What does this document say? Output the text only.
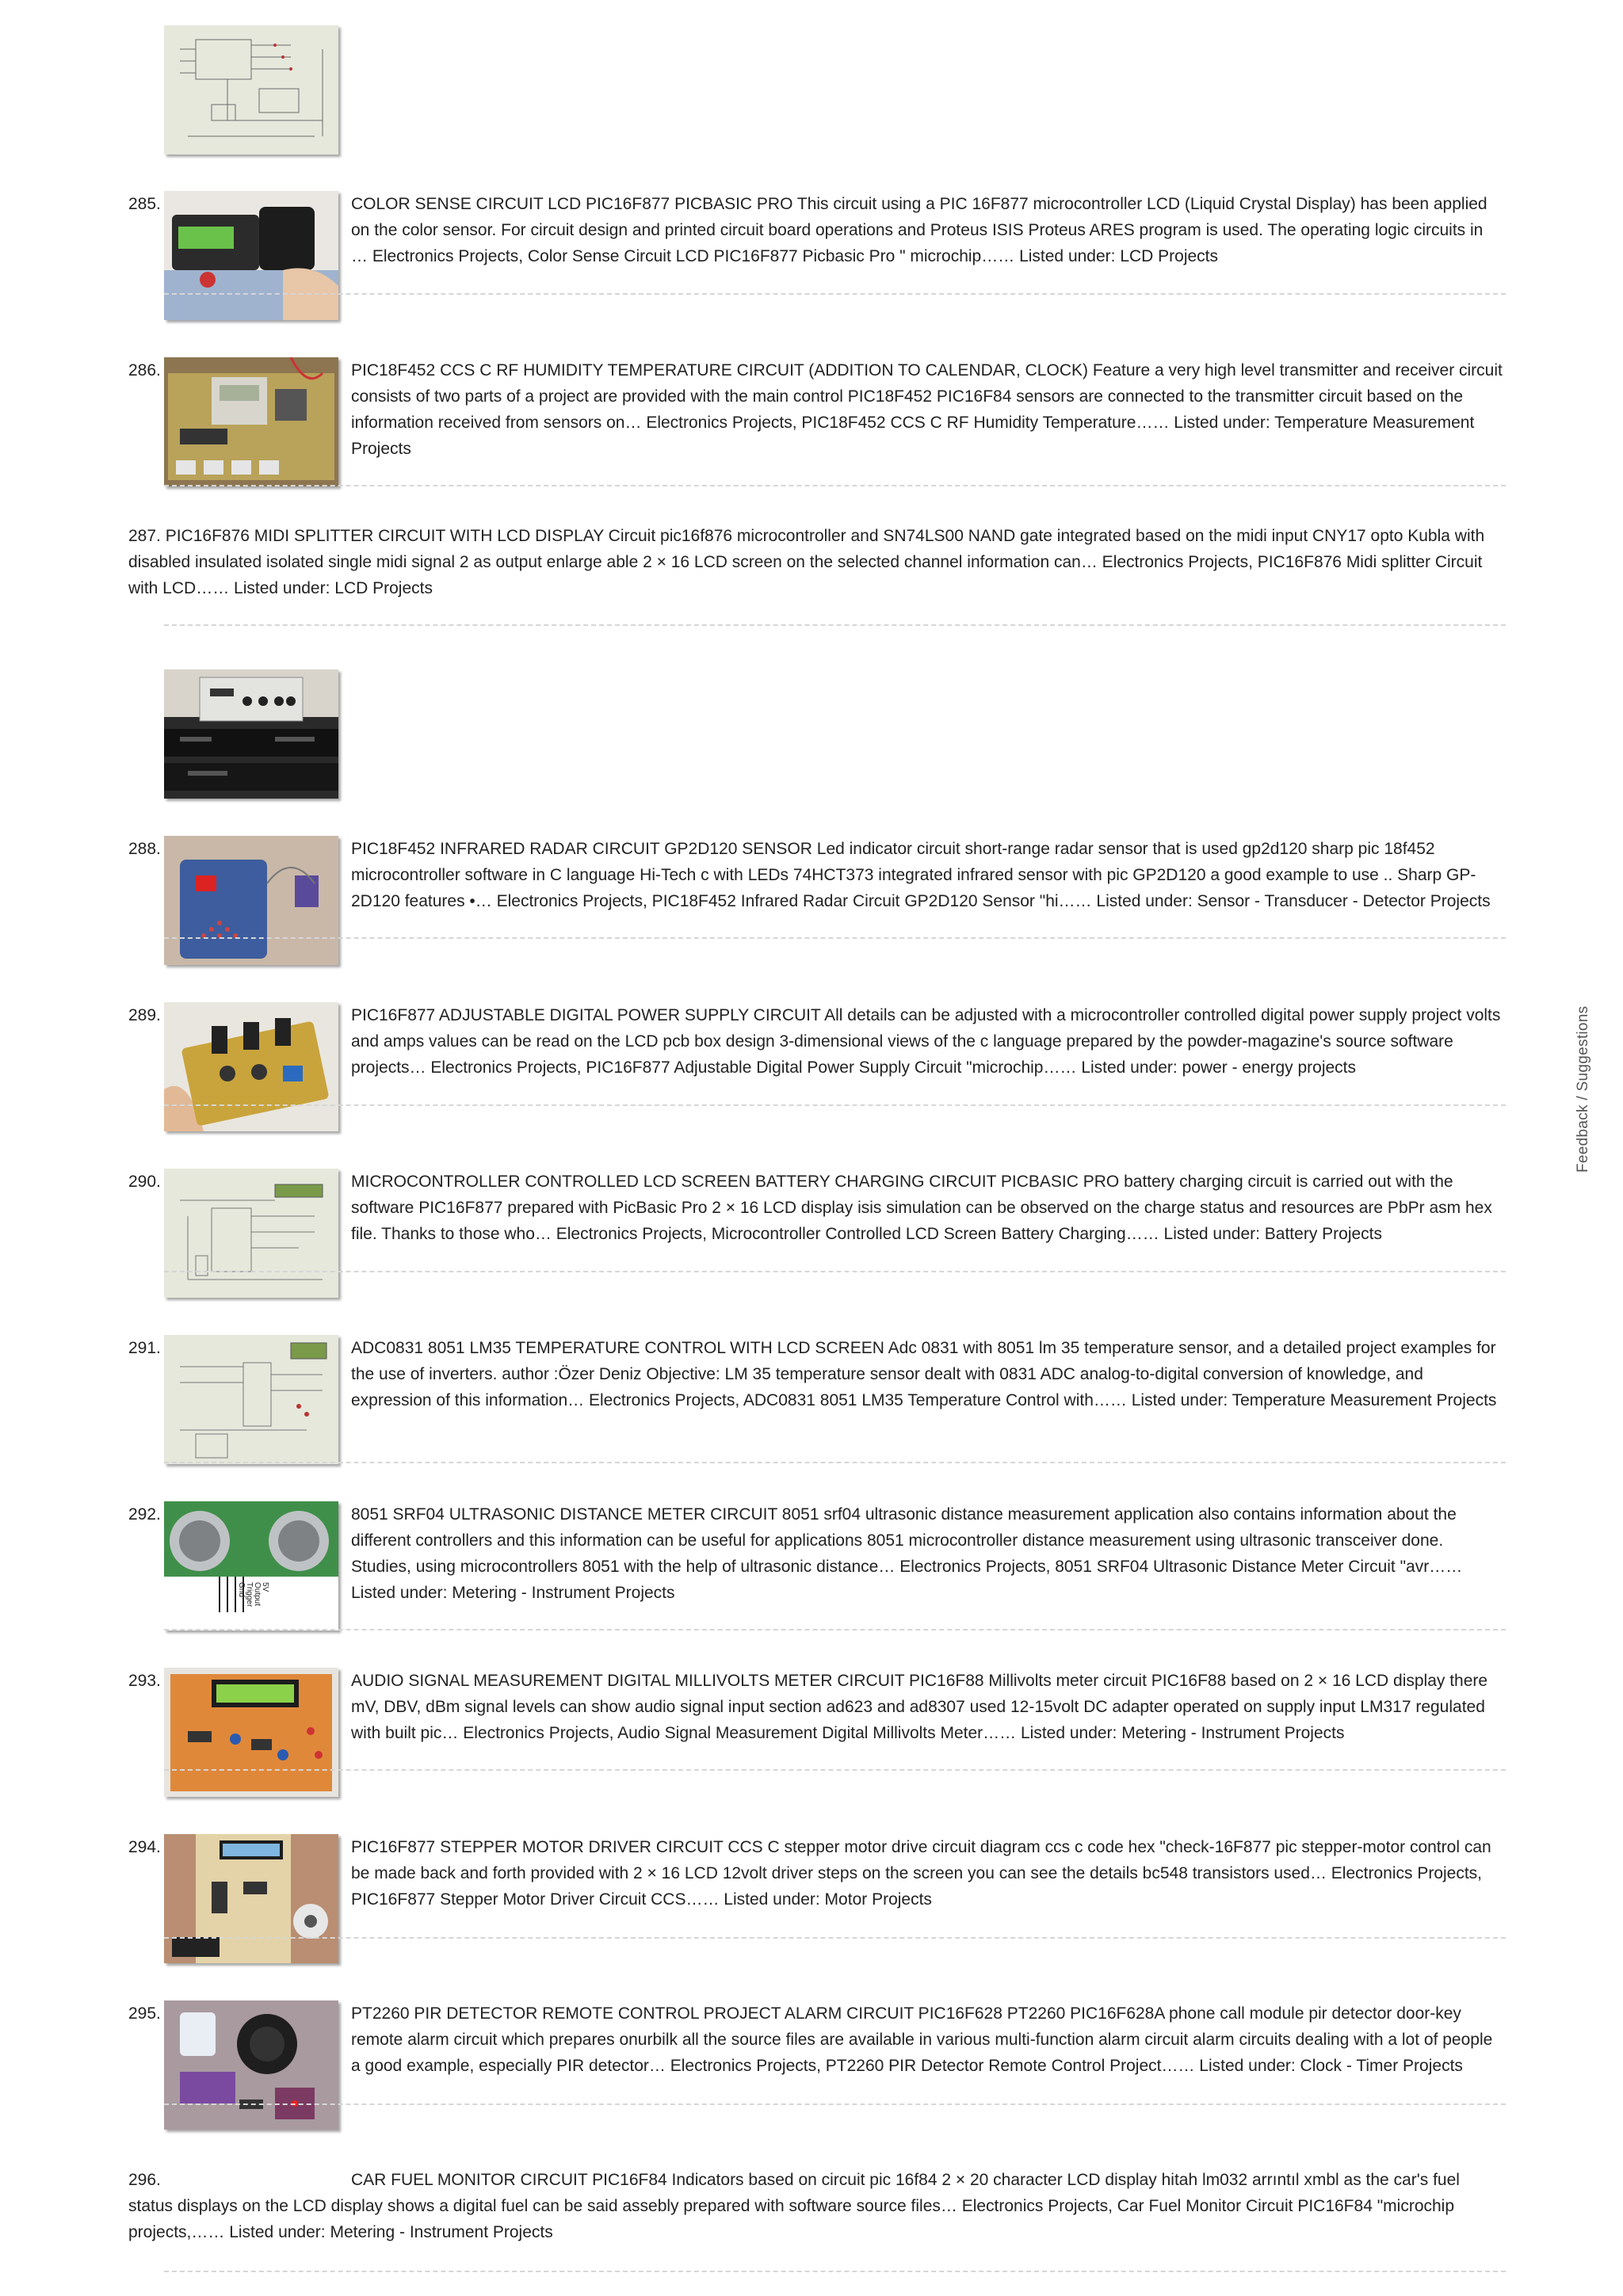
285.	COLOR SENSE CIRCUIT LCD PIC16F877 PICBASIC PRO This circuit using a PIC 16F877 microcontroller LCD (Liquid Crystal Display) has been applied on the color sensor. For circuit design and printed circuit board operations and Proteus ISIS Proteus ARES program is used. The operating logic circuits in … Electronics Projects, Color Sense Circuit LCD PIC16F877 Picbasic Pro " microchip…… Listed under: LCD Projects
286.	PIC18F452 CCS C RF HUMIDITY TEMPERATURE CIRCUIT (ADDITION TO CALENDAR, CLOCK) Feature a very high level transmitter and receiver circuit consists of two parts of a project are provided with the main control PIC18F452 PIC16F84 sensors are connected to the transmitter circuit based on the information received from sensors on… Electronics Projects, PIC18F452 CCS C RF Humidity Temperature…… Listed under: Temperature Measurement Projects
287. PIC16F876 MIDI SPLITTER CIRCUIT WITH LCD DISPLAY Circuit pic16f876 microcontroller and SN74LS00 NAND gate integrated based on the midi input CNY17 opto Kubla with disabled insulated isolated single midi signal 2 as output enlarge able 2 × 16 LCD screen on the selected channel information can… Electronics Projects, PIC16F876 Midi splitter Circuit with LCD…… Listed under: LCD Projects
288.	PIC18F452 INFRARED RADAR CIRCUIT GP2D120 SENSOR Led indicator circuit short-range radar sensor that is used gp2d120 sharp pic 18f452 microcontroller software in C language Hi-Tech c with LEDs 74HCT373 integrated infrared sensor with pic GP2D120 a good example to use .. Sharp GP-2D120 features •… Electronics Projects, PIC18F452 Infrared Radar Circuit GP2D120 Sensor "hi…… Listed under: Sensor - Transducer - Detector Projects
289.	PIC16F877 ADJUSTABLE DIGITAL POWER SUPPLY CIRCUIT All details can be adjusted with a microcontroller controlled digital power supply project volts and amps values can be read on the LCD pcb box design 3-dimensional views of the c language prepared by the powder-magazine's source software projects… Electronics Projects, PIC16F877 Adjustable Digital Power Supply Circuit "microchip…… Listed under: power - energy projects
290.	MICROCONTROLLER CONTROLLED LCD SCREEN BATTERY CHARGING CIRCUIT PICBASIC PRO battery charging circuit is carried out with the software PIC16F877 prepared with PicBasic Pro 2 × 16 LCD display isis simulation can be observed on the charge status and resources are PbPr asm hex file. Thanks to those who… Electronics Projects, Microcontroller Controlled LCD Screen Battery Charging…… Listed under: Battery Projects
291.	ADC0831 8051 LM35 TEMPERATURE CONTROL WITH LCD SCREEN Adc 0831 with 8051 lm 35 temperature sensor, and a detailed project examples for the use of inverters. author :Özer Deniz Objective: LM 35 temperature sensor dealt with 0831 ADC analog-to-digital conversion of knowledge, and expression of this information… Electronics Projects, ADC0831 8051 LM35 Temperature Control with…… Listed under: Temperature Measurement Projects
292.
5V
Output
Trigger
Gnd
8051 SRF04 ULTRASONIC DISTANCE METER CIRCUIT 8051 srf04 ultrasonic distance measurement application also contains information about the different controllers and this information can be useful for applications 8051 microcontroller distance measurement using ultrasonic transceiver done. Studies, using microcontrollers 8051 with the help of ultrasonic distance… Electronics Projects, 8051 SRF04 Ultrasonic Distance Meter Circuit "avr…… Listed under: Metering - Instrument Projects
293.	AUDIO SIGNAL MEASUREMENT DIGITAL MILLIVOLTS METER CIRCUIT PIC16F88 Millivolts meter circuit PIC16F88 based on 2 × 16 LCD display there mV, DBV, dBm signal levels can show audio signal input section ad623 and ad8307 used 12-15volt DC adapter operated on supply input LM317 regulated with built pic… Electronics Projects, Audio Signal Measurement Digital Millivolts Meter…… Listed under: Metering - Instrument Projects
294.	PIC16F877 STEPPER MOTOR DRIVER CIRCUIT CCS C stepper motor drive circuit diagram ccs c code hex "check-16F877 pic stepper-motor control can be made back and forth provided with 2 × 16 LCD 12volt driver steps on the screen you can see the details bc548 transistors used… Electronics Projects, PIC16F877 Stepper Motor Driver Circuit CCS…… Listed under: Motor Projects
295.	PT2260 PIR DETECTOR REMOTE CONTROL PROJECT ALARM CIRCUIT PIC16F628 PT2260 PIC16F628A phone call module pir detector door-key remote alarm circuit which prepares onurbilk all the source files are available in various multi-function alarm circuit alarm circuits dealing with a lot of people a good example, especially PIR detector… Electronics Projects, PT2260 PIR Detector Remote Control Project…… Listed under: Clock - Timer Projects
296.	CAR FUEL MONITOR CIRCUIT PIC16F84 Indicators based on circuit pic 16f84 2 × 20 character LCD display hitah lm032 arrıntıl xmbl as the car's fuel status displays on the LCD display shows a digital fuel can be said assebly prepared with software source files… Electronics Projects, Car Fuel Monitor Circuit PIC16F84 "microchip projects,…… Listed under: Metering - Instrument Projects
Feedback / Suggestions
